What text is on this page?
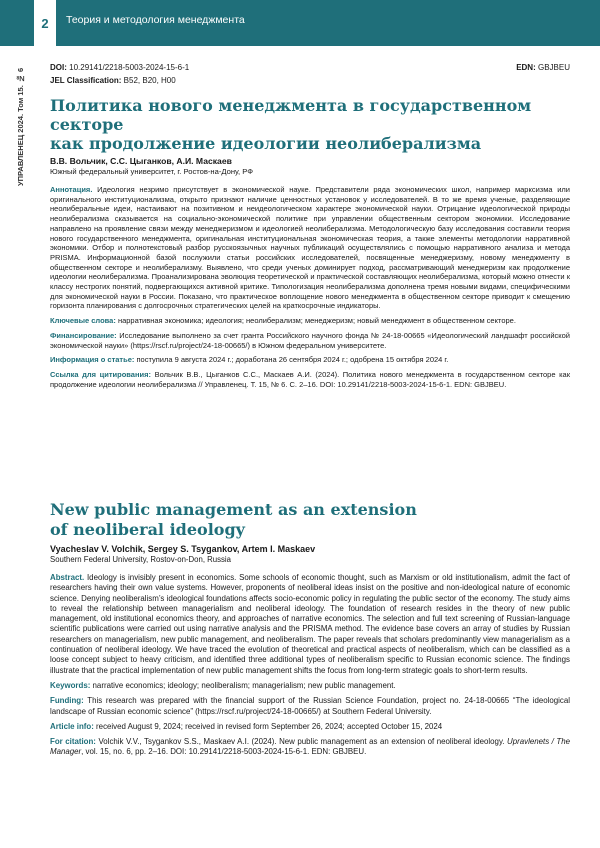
2	Теория и методология менеджмента
УПРАВЛЕНЕЦ 2024. Том 15. № 6
DOI: 10.29141/2218-5003-2024-15-6-1	EDN: GBJBEU
JEL Classification: B52, B20, H00
Политика нового менеджмента в государственном секторе
как продолжение идеологии неолиберализма
В.В. Вольчик, С.С. Цыганков, А.И. Маскаев
Южный федеральный университет, г. Ростов-на-Дону, РФ

Аннотация. Идеология незримо присутствует в экономической науке. Представители ряда экономических школ, например марксизма или оригинального институционализма, открыто признают наличие ценностных установок у исследователей. В то же время ученые, разделяющие неолиберальные идеи, настаивают на позитивном и неидеологическом характере экономической науки. Отрицание идеологической природы неолиберализма сказывается на социально-экономической политике при управлении общественным сектором экономики. Исследование направлено на проявление связи между менеджеризмом и идеологией неолиберализма. Методологическую базу исследования составили теория нового государственного менеджмента, оригинальная институциональная экономическая теория, а также элементы методологии нарративной экономики. Отбор и полнотекстовый разбор русскоязычных научных публикаций осуществлялись с помощью нарративного анализа и метода PRISMA. Информационной базой послужили статьи российских исследователей, посвященные менеджеризму, новому менеджменту в общественном секторе и неолиберализму. Выявлено, что среди ученых доминирует подход, рассматривающий менеджеризм как продолжение идеологии неолиберализма. Проанализирована эволюция теоретической и практической составляющих неолиберализма, который можно отнести к классу нестрогих понятий, подвергающихся активной критике. Типологизация неолиберализма дополнена тремя новыми видами, специфическими для экономической науки в России. Показано, что практическое воплощение нового менеджмента в общественном секторе приводит к смещению горизонта планирования с долгосрочных стратегических целей на краткосрочные индикаторы.

Ключевые слова: нарративная экономика; идеология; неолиберализм; менеджеризм; новый менеджмент в общественном секторе.

Финансирование: Исследование выполнено за счет гранта Российского научного фонда № 24-18-00665 «Идеологический ландшафт российской экономической науки» (https://rscf.ru/project/24-18-00665/) в Южном федеральном университете.

Информация о статье: поступила 9 августа 2024 г.; доработана 26 сентября 2024 г.; одобрена 15 октября 2024 г.

Ссылка для цитирования: Вольчик В.В., Цыганков С.С., Маскаев А.И. (2024). Политика нового менеджмента в государственном секторе как продолжение идеологии неолиберализма // Управленец. Т. 15, № 6. С. 2–16. DOI: 10.29141/2218-5003-2024-15-6-1. EDN: GBJBEU.

New public management as an extension
of neoliberal ideology
Vyacheslav V. Volchik, Sergey S. Tsygankov, Artem I. Maskaev
Southern Federal University, Rostov-on-Don, Russia

Abstract. Ideology is invisibly present in economics. Some schools of economic thought, such as Marxism or old institutionalism, admit the fact of researchers having their own value systems. However, proponents of neoliberal ideas insist on the positive and non-ideological nature of economic science. Denying neoliberalism’s ideological foundations affects socio-economic policy in regulating the public sector of the economy. The study aims to reveal the relationship between managerialism and neoliberal ideology. The foundation of research resides in the theory of new public management, old institutional economics theory, and approaches of narrative economics. The selection and full text screening of Russian-language scientific publications were carried out using narrative analysis and the PRISMA method. The evidence base covers an array of studies by Russian researchers on managerialism, new public management, and neoliberalism. The paper reveals that scholars predominantly view managerialism as a continuation of neoliberal ideology. We have traced the evolution of theoretical and practical aspects of neoliberalism, which can be classified as a loose concept subject to heavy criticism, and identified three additional types of neoliberalism specific to Russian economic science. The findings illustrate that the practical implementation of new public management shifts the focus from long-term strategic goals to short-term results.

Keywords: narrative economics; ideology; neoliberalism; managerialism; new public management.

Funding: This research was prepared with the financial support of the Russian Science Foundation, project no. 24-18-00665 “The ideological landscape of Russian economic science” (https://rscf.ru/project/24-18-00665/) at Southern Federal University.

Article info: received August 9, 2024; received in revised form September 26, 2024; accepted October 15, 2024

For citation: Volchik V.V., Tsygankov S.S., Maskaev A.I. (2024). New public management as an extension of neoliberal ideology. Upravlenets / The Manager, vol. 15, no. 6, pp. 2–16. DOI: 10.29141/2218-5003-2024-15-6-1. EDN: GBJBEU.
